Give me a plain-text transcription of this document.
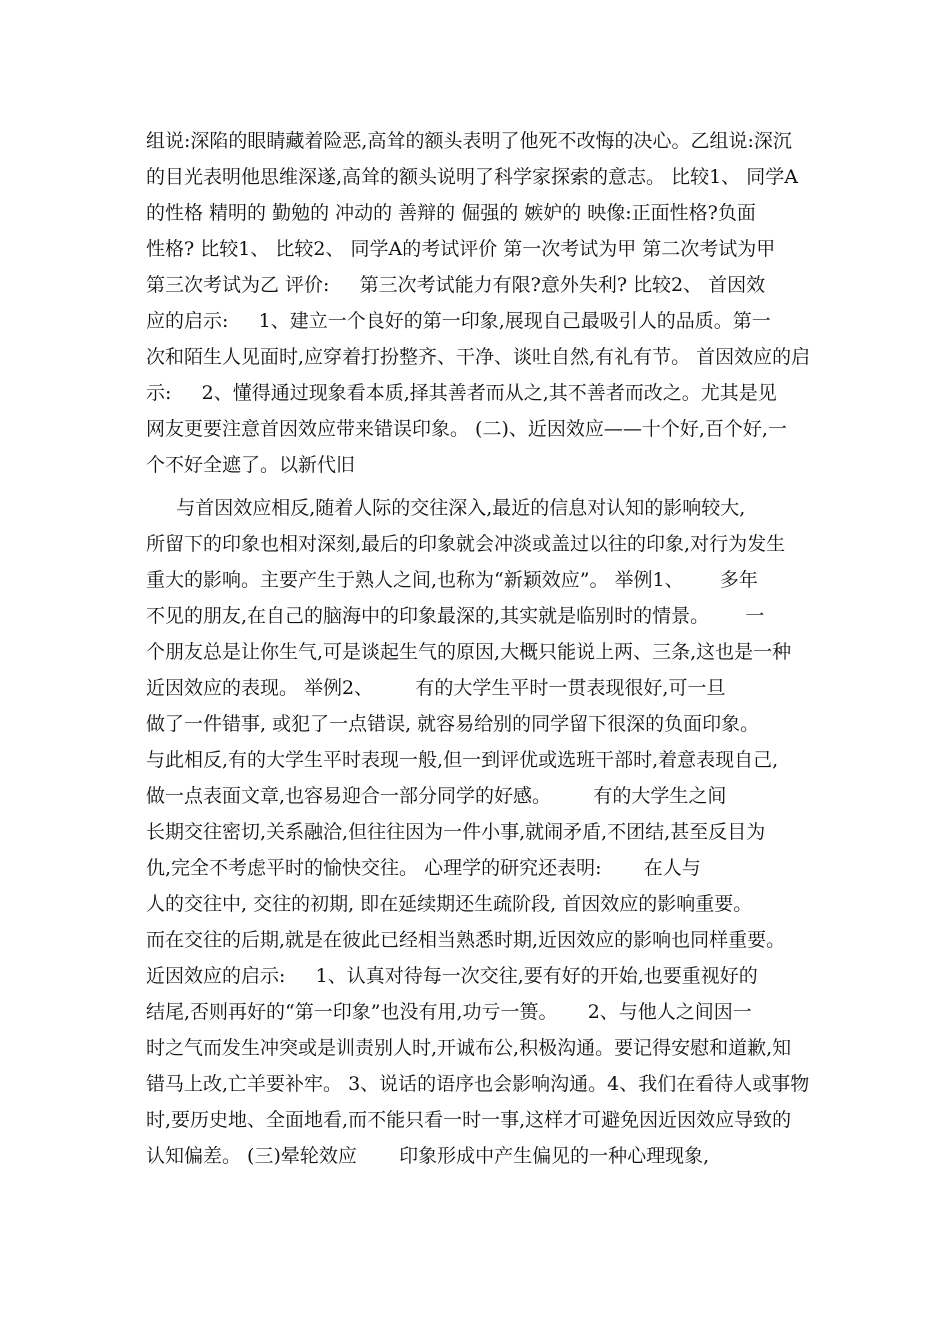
组说:深陷的眼睛藏着险恶,高耸的额头表明了他死不改悔的决心。乙组说:深沉
的目光表明他思维深遂,高耸的额头说明了科学家探索的意志。 比较1、 同学A
的性格 精明的 勤勉的 冲动的 善辩的 倔强的 嫉妒的 映像:正面性格?负面
性格? 比较1、 比较2、 同学A的考试评价 第一次考试为甲 第二次考试为甲
第三次考试为乙 评价:     第三次考试能力有限?意外失利? 比较2、 首因效
应的启示:     1、建立一个良好的第一印象,展现自己最吸引人的品质。第一
次和陌生人见面时,应穿着打扮整齐、干净、谈吐自然,有礼有节。 首因效应的启
示:     2、懂得通过现象看本质,择其善者而从之,其不善者而改之。尤其是见
网友更要注意首因效应带来错误印象。 (二)、近因效应——十个好,百个好,一
个不好全遮了。以新代旧
与首因效应相反,随着人际的交往深入,最近的信息对认知的影响较大,
所留下的印象也相对深刻,最后的印象就会冲淡或盖过以往的印象,对行为发生
重大的影响。主要产生于熟人之间,也称为“新颖效应”。 举例1、      多年
不见的朋友,在自己的脑海中的印象最深的,其实就是临别时的情景。      一
个朋友总是让你生气,可是谈起生气的原因,大概只能说上两、三条,这也是一种
近因效应的表现。 举例2、       有的大学生平时一贯表现很好,可一旦
做了一件错事, 或犯了一点错误, 就容易给别的同学留下很深的负面印象。
与此相反,有的大学生平时表现一般,但一到评优或选班干部时,着意表现自己,
做一点表面文章,也容易迎合一部分同学的好感。       有的大学生之间
长期交往密切,关系融洽,但往往因为一件小事,就闹矛盾,不团结,甚至反目为
仇,完全不考虑平时的愉快交往。 心理学的研究还表明:       在人与
人的交往中, 交往的初期, 即在延续期还生疏阶段, 首因效应的影响重要。
而在交往的后期,就是在彼此已经相当熟悉时期,近因效应的影响也同样重要。
近因效应的启示:     1、认真对待每一次交往,要有好的开始,也要重视好的
结尾,否则再好的“第一印象”也没有用,功亏一篑。     2、与他人之间因一
时之气而发生冲突或是训责别人时,开诚布公,积极沟通。要记得安慰和道歉,知
错马上改,亡羊要补牢。 3、说话的语序也会影响沟通。4、我们在看待人或事物
时,要历史地、全面地看,而不能只看一时一事,这样才可避免因近因效应导致的
认知偏差。 (三)晕轮效应       印象形成中产生偏见的一种心理现象,
